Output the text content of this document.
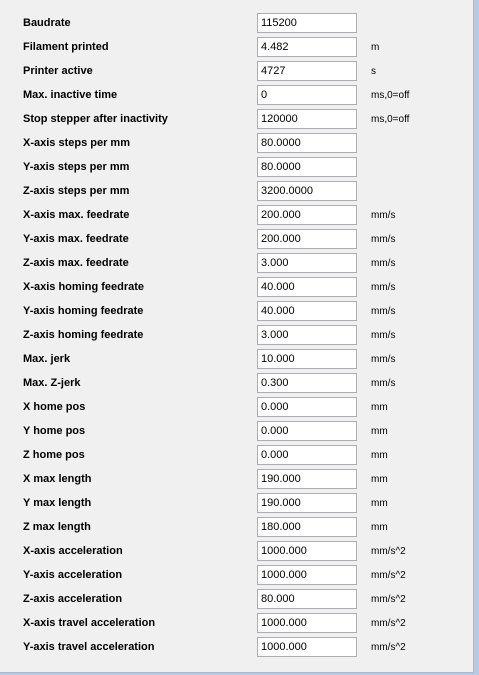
Baudrate	115200
Filament printed	4.482	m
Printer active	4727	s
Max. inactive time	0	ms,0=off
Stop stepper after inactivity	120000	ms,0=off
X-axis steps per mm	80.0000
Y-axis steps per mm	80.0000
Z-axis steps per mm	3200.0000
X-axis max. feedrate	200.000	mm/s
Y-axis max. feedrate	200.000	mm/s
Z-axis max. feedrate	3.000	mm/s
X-axis homing feedrate	40.000	mm/s
Y-axis homing feedrate	40.000	mm/s
Z-axis homing feedrate	3.000	mm/s
Max. jerk	10.000	mm/s
Max. Z-jerk	0.300	mm/s
X home pos	0.000	mm
Y home pos	0.000	mm
Z home pos	0.000	mm
X max length	190.000	mm
Y max length	190.000	mm
Z max length	180.000	mm
X-axis acceleration	1000.000	mm/s^2
Y-axis acceleration	1000.000	mm/s^2
Z-axis acceleration	80.000	mm/s^2
X-axis travel acceleration	1000.000	mm/s^2
Y-axis travel acceleration	1000.000	mm/s^2
